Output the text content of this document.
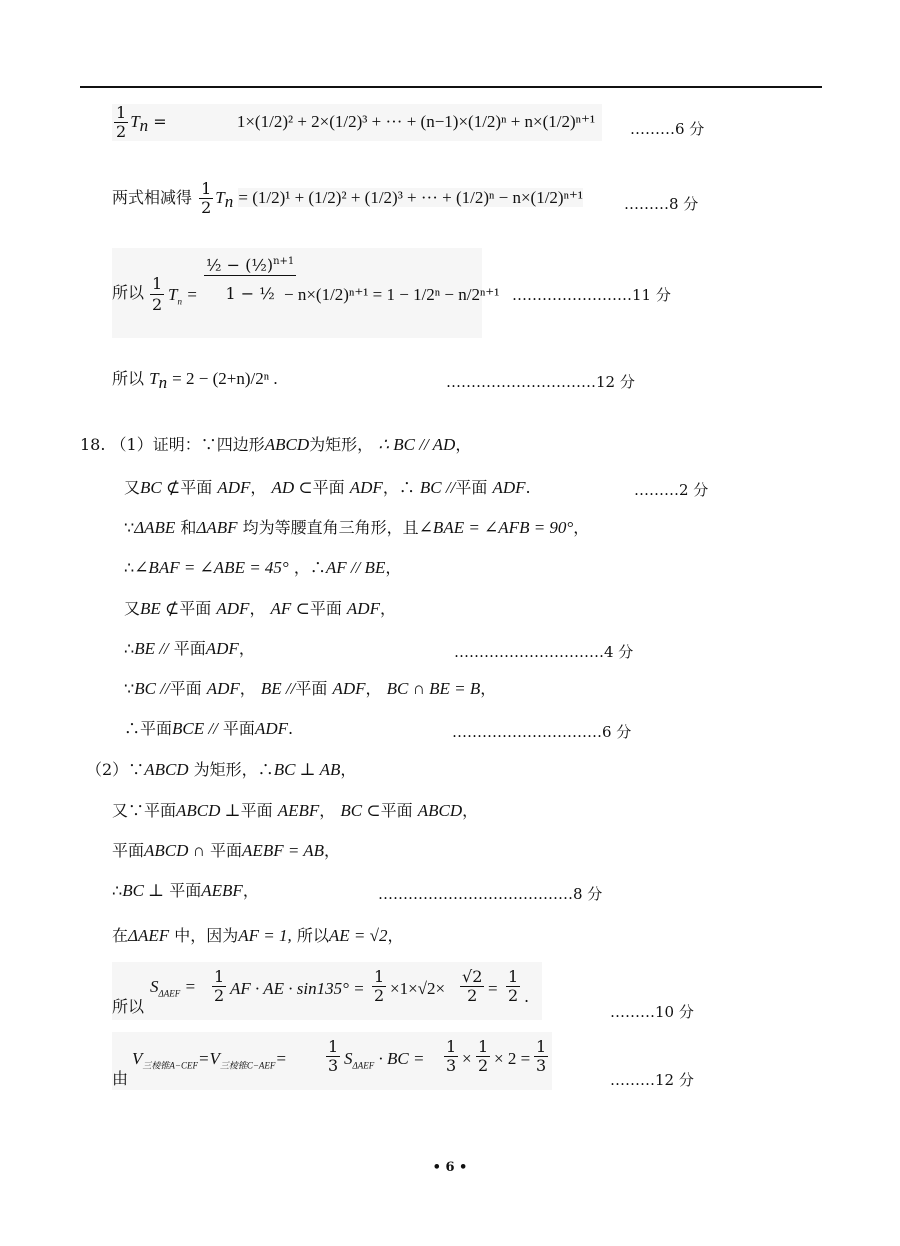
$\frac{1}{2} T_n$ =	1×(1/2)² + 2×(1/2)³ + ··· + (n−1)×(1/2)ⁿ + n×(1/2)ⁿ⁺¹	………6 分
两式相减得 $\frac{1}{2} T_n = (1/2)^1 + (1/2)^2 + (1/2)^3$ + ··· + (1/2)ⁿ − n×(1/2)ⁿ⁺¹	………8 分
所以 $\frac{1}{2} T_n = \frac{\frac{1}{2} - (\frac{1}{2})^{n+1}}{\text{1 − ½}}$
− n×(1/2)ⁿ⁺¹ = 1 − 1/2ⁿ − n/2ⁿ⁺¹ ……………………11 分
所以 $T_n = 2 - (2+n)/2^n$ .	…………………………12 分
18. （1）证明：∵四边形ABCD为矩形， ∴ BC // AD，
又BC ⊄平面 ADF， AD ⊂平面 ADF，∴ BC //平面 ADF.	………2 分
∵ΔABE 和ΔABF 均为等腰直角三角形，且∠BAE = ∠AFB = 90°，
∴∠BAF = ∠ABE = 45° ，∴AF // BE，
又BE ⊄平面 ADF， AF ⊂平面 ADF，
∴BE // 平面ADF，	…………………………4 分
∵BC //平面 ADF， BE //平面 ADF， BC ∩ BE = B，
∴平面BCE // 平面ADF.	…………………………6 分
（2）∵ABCD 为矩形，∴BC ⊥ AB，
又∵平面ABCD ⊥平面 AEBF， BC ⊂平面 ABCD，
平面ABCD ∩ 平面AEBF = AB，
∴BC ⊥ 平面AEBF，	…………………………………8 分
在ΔAEF 中，因为AF = 1, 所以AE = √2，
所以
$S_{\Delta AEF} = \frac{1}{2}$ AF · AE · $\sin 135^\circ = \frac{1}{2} \times 1\times√2\times \frac{√2}{2} = \frac{1}{2}$ .
………10 分
由
$V_{三棱锥A-CEF}=V_{三棱锥C-AEF}= \frac{1}{3} S_{\Delta AEF}$ · BC = $\frac{1}{3} \times \frac{1}{2} \times 2 = \frac{1}{3}$
………12 分
• 6 •
